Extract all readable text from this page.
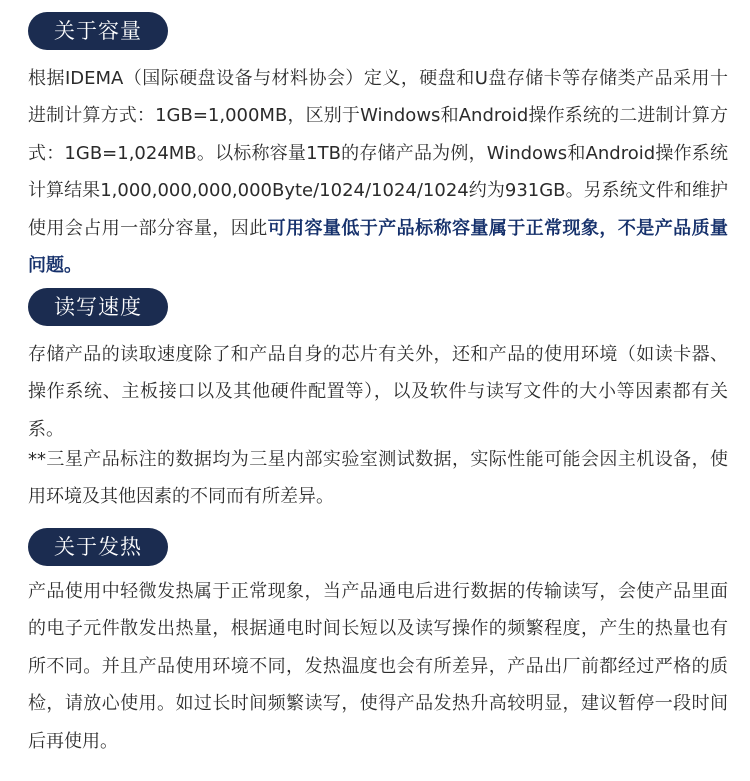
关于容量

根据IDEMA（国际硬盘设备与材料协会）定义，硬盘和U盘存储卡等存储类产品采用十进制计算方式：1GB=1,000MB，区别于Windows和Android操作系统的二进制计算方式：1GB=1,024MB。以标称容量1TB的存储产品为例，Windows和Android操作系统计算结果1,000,000,000,000Byte/1024/1024/1024约为931GB。另系统文件和维护使用会占用一部分容量，因此可用容量低于产品标称容量属于正常现象，不是产品质量问题。

读写速度

存储产品的读取速度除了和产品自身的芯片有关外，还和产品的使用环境（如读卡器、操作系统、主板接口以及其他硬件配置等），以及软件与读写文件的大小等因素都有关系。

**三星产品标注的数据均为三星内部实验室测试数据，实际性能可能会因主机设备，使用环境及其他因素的不同而有所差异。

关于发热

产品使用中轻微发热属于正常现象，当产品通电后进行数据的传输读写，会使产品里面的电子元件散发出热量，根据通电时间长短以及读写操作的频繁程度，产生的热量也有所不同。并且产品使用环境不同，发热温度也会有所差异，产品出厂前都经过严格的质检，请放心使用。如过长时间频繁读写，使得产品发热升高较明显，建议暂停一段时间后再使用。
